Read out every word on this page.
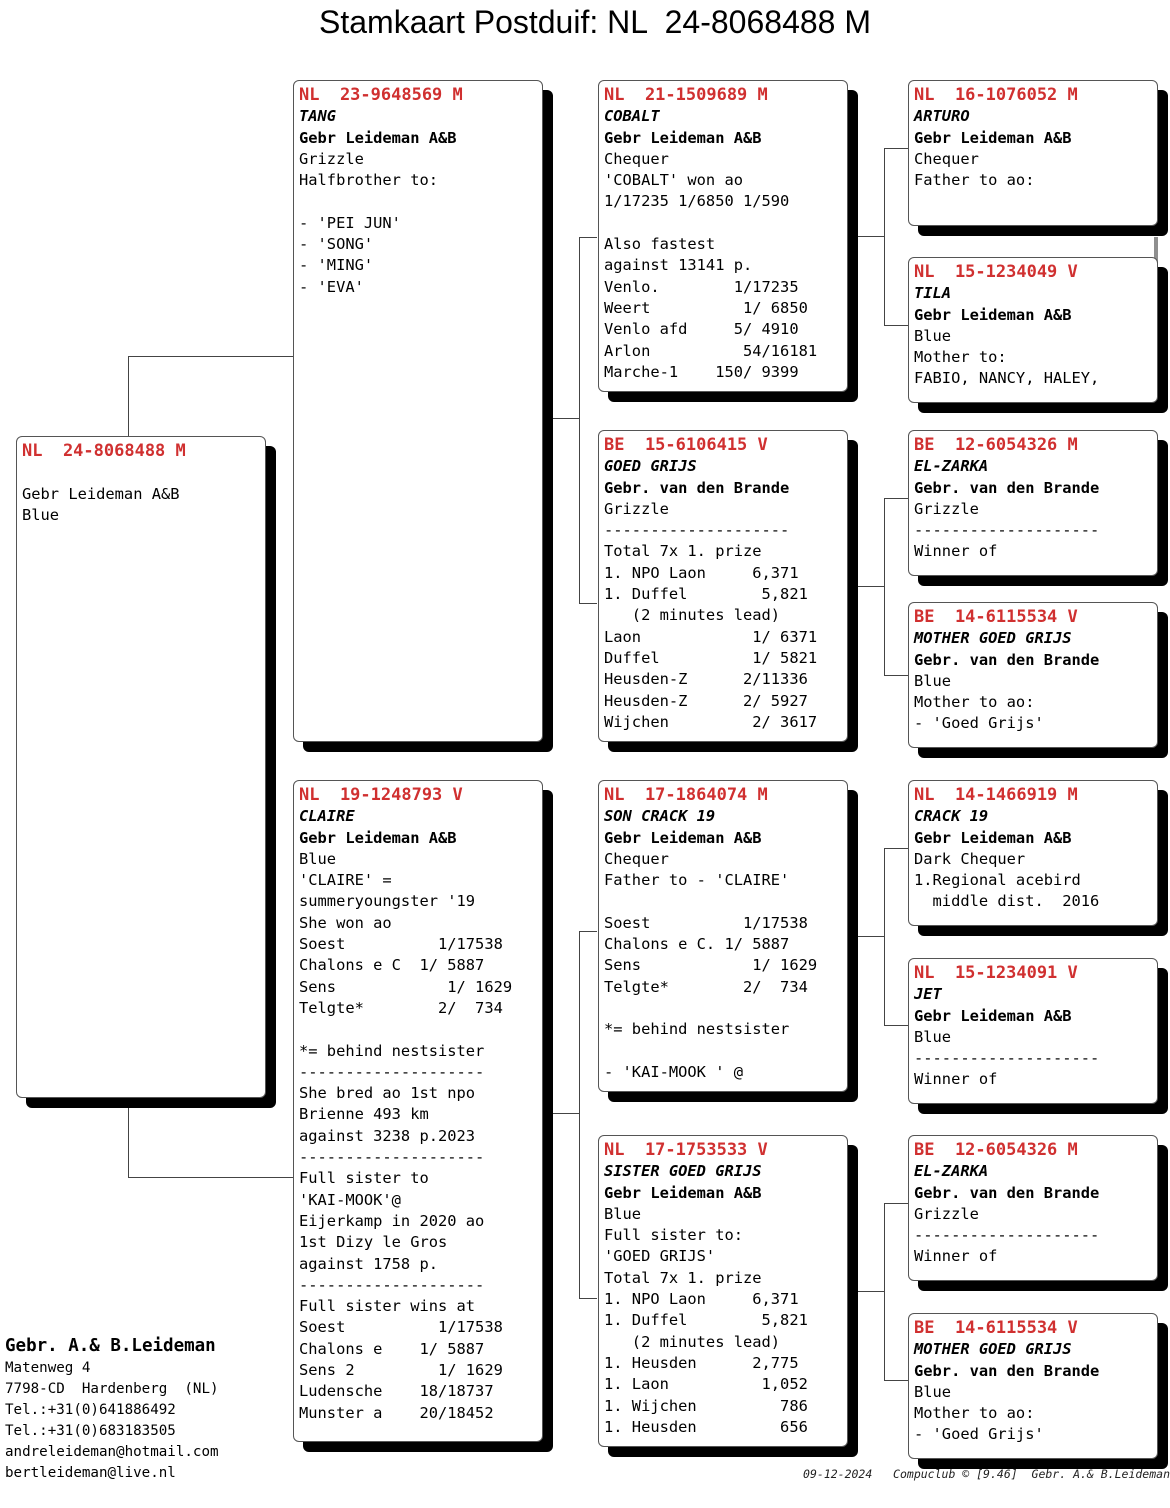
Stamkaart Postduif: NL  24-8068488 M
NL  24-8068488 M
Gebr Leideman A&B
Blue
NL  23-9648569 M
TANG
Gebr Leideman A&B
Grizzle
Halfbrother to:
- 'PEI JUN'
- 'SONG'
- 'MING'
- 'EVA'
NL  19-1248793 V
CLAIRE
Gebr Leideman A&B
Blue
'CLAIRE' =
summeryoungster '19
She won ao
Soest          1/17538
Chalons e C  1/ 5887
Sens            1/ 1629
Telgte*        2/  734
*= behind nestsister
--------------------
She bred ao 1st npo
Brienne 493 km
against 3238 p.2023
--------------------
Full sister to
'KAI-MOOK'@
Eijerkamp in 2020 ao
1st Dizy le Gros
against 1758 p.
--------------------
Full sister wins at
Soest          1/17538
Chalons e    1/ 5887
Sens 2         1/ 1629
Ludensche    18/18737
Munster a    20/18452
NL  21-1509689 M
COBALT
Gebr Leideman A&B
Chequer
'COBALT' won ao
1/17235 1/6850 1/590
Also fastest
against 13141 p.
Venlo.        1/17235
Weert          1/ 6850
Venlo afd     5/ 4910
Arlon          54/16181
Marche-1    150/ 9399
BE  15-6106415 V
GOED GRIJS
Gebr. van den Brande
Grizzle
--------------------
Total 7x 1. prize
1. NPO Laon     6,371
1. Duffel        5,821
(2 minutes lead)
Laon            1/ 6371
Duffel          1/ 5821
Heusden-Z      2/11336
Heusden-Z      2/ 5927
Wijchen         2/ 3617
NL  17-1864074 M
SON CRACK 19
Gebr Leideman A&B
Chequer
Father to - 'CLAIRE'
Soest          1/17538
Chalons e C. 1/ 5887
Sens            1/ 1629
Telgte*        2/  734
*= behind nestsister
- 'KAI-MOOK ' @
NL  17-1753533 V
SISTER GOED GRIJS
Gebr Leideman A&B
Blue
Full sister to:
'GOED GRIJS'
Total 7x 1. prize
1. NPO Laon     6,371
1. Duffel        5,821
(2 minutes lead)
1. Heusden      2,775
1. Laon          1,052
1. Wijchen         786
1. Heusden         656
NL  16-1076052 M
ARTURO
Gebr Leideman A&B
Chequer
Father to ao:
NL  15-1234049 V
TILA
Gebr Leideman A&B
Blue
Mother to:
FABIO, NANCY, HALEY,
BE  12-6054326 M
EL-ZARKA
Gebr. van den Brande
Grizzle
--------------------
Winner of
BE  14-6115534 V
MOTHER GOED GRIJS
Gebr. van den Brande
Blue
Mother to ao:
- 'Goed Grijs'
NL  14-1466919 M
CRACK 19
Gebr Leideman A&B
Dark Chequer
1.Regional acebird
middle dist.  2016
NL  15-1234091 V
JET
Gebr Leideman A&B
Blue
--------------------
Winner of
BE  12-6054326 M
EL-ZARKA
Gebr. van den Brande
Grizzle
--------------------
Winner of
BE  14-6115534 V
MOTHER GOED GRIJS
Gebr. van den Brande
Blue
Mother to ao:
- 'Goed Grijs'
Gebr. A.& B.Leideman
Matenweg 4
7798-CD  Hardenberg  (NL)
Tel.:+31(0)641886492
Tel.:+31(0)683183505
andreleideman@hotmail.com
bertleideman@live.nl	09-12-2024   Compuclub © [9.46]  Gebr. A.& B.Leideman
